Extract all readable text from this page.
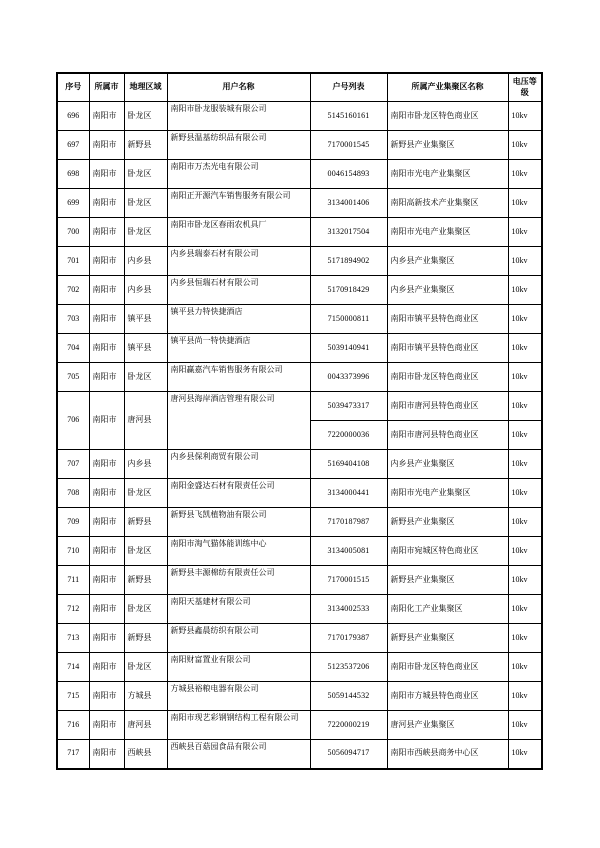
序号	所属市	地理区域	用户名称	户号列表	所属产业集聚区名称	电压等级
696	南阳市	卧龙区	南阳市卧龙服装城有限公司	5145160161	南阳市卧龙区特色商业区	10kv
697	南阳市	新野县	新野县温基纺织品有限公司	7170001545	新野县产业集聚区	10kv
698	南阳市	卧龙区	南阳市万杰光电有限公司	0046154893	南阳市光电产业集聚区	10kv
699	南阳市	卧龙区	南阳正开源汽车销售服务有限公司	3134001406	南阳高新技术产业集聚区	10kv
700	南阳市	卧龙区	南阳市卧龙区春雨农机具厂	3132017504	南阳市光电产业集聚区	10kv
701	南阳市	内乡县	内乡县瑞泰石材有限公司	5171894902	内乡县产业集聚区	10kv
702	南阳市	内乡县	内乡县恒瑞石材有限公司	5170918429	内乡县产业集聚区	10kv
703	南阳市	镇平县	镇平县力特快捷酒店	7150000811	南阳市镇平县特色商业区	10kv
704	南阳市	镇平县	镇平县尚一特快捷酒店	5039140941	南阳市镇平县特色商业区	10kv
705	南阳市	卧龙区	南阳赢嘉汽车销售服务有限公司	0043373996	南阳市卧龙区特色商业区	10kv
706	南阳市	唐河县	唐河县海岸酒店管理有限公司	5039473317	南阳市唐河县特色商业区	10kv
				7220000036	南阳市唐河县特色商业区	10kv
707	南阳市	内乡县	内乡县保利商贸有限公司	5169404108	内乡县产业集聚区	10kv
708	南阳市	卧龙区	南阳金盛达石材有限责任公司	3134000441	南阳市光电产业集聚区	10kv
709	南阳市	新野县	新野县飞凯植物油有限公司	7170187987	新野县产业集聚区	10kv
710	南阳市	卧龙区	南阳市淘气猫体能训练中心	3134005081	南阳市宛城区特色商业区	10kv
711	南阳市	新野县	新野县丰源棉纺有限责任公司	7170001515	新野县产业集聚区	10kv
712	南阳市	卧龙区	南阳天基建材有限公司	3134002533	南阳化工产业集聚区	10kv
713	南阳市	新野县	新野县鑫晨纺织有限公司	7170179387	新野县产业集聚区	10kv
714	南阳市	卧龙区	南阳财富置业有限公司	5123537206	南阳市卧龙区特色商业区	10kv
715	南阳市	方城县	方城县裕粮电器有限公司	5059144532	南阳市方城县特色商业区	10kv
716	南阳市	唐河县	南阳市现艺彩钢钢结构工程有限公司	7220000219	唐河县产业集聚区	10kv
717	南阳市	西峡县	西峡县百菇园食品有限公司	5056094717	南阳市西峡县商务中心区	10kv
